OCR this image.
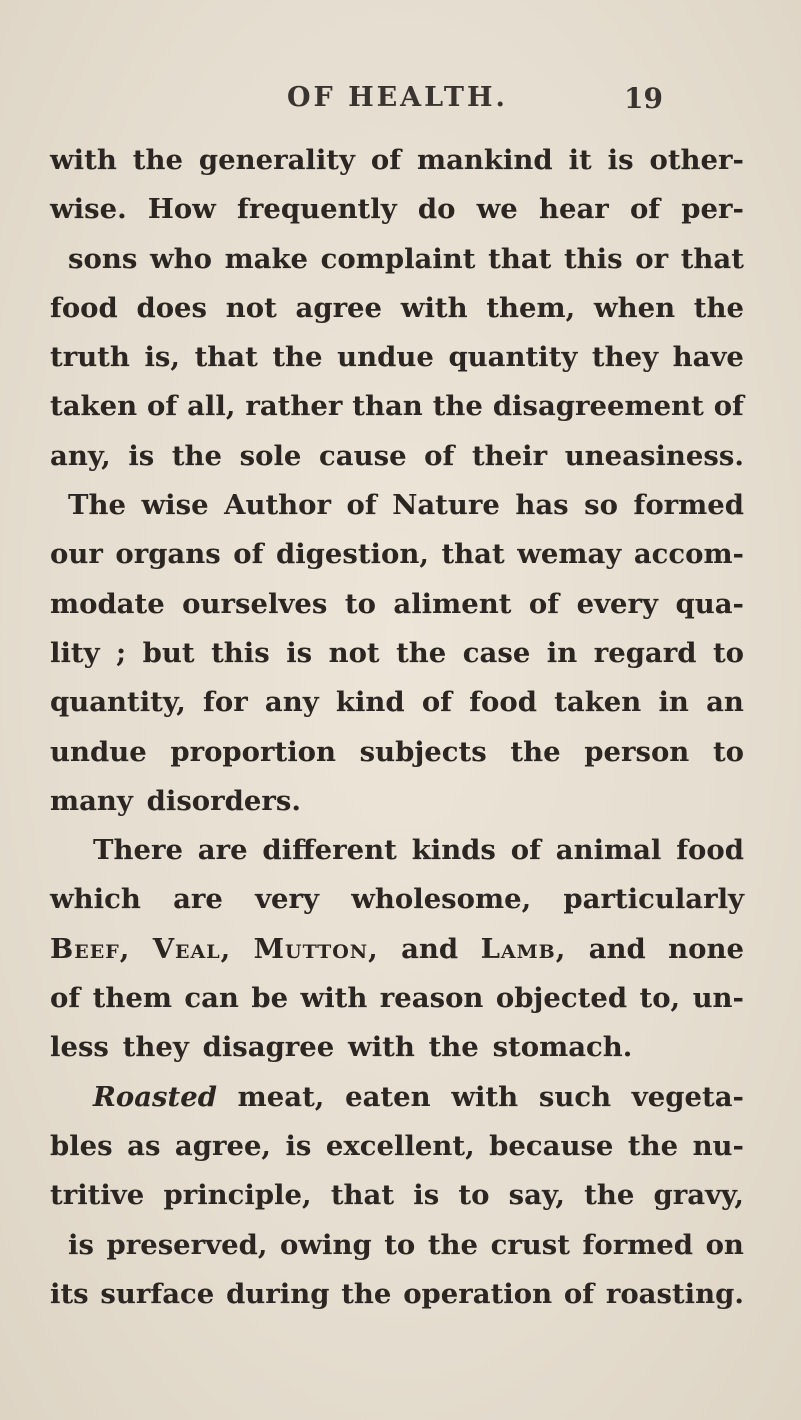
OF HEALTH.	19
with the generality of mankind it is other-
wise. How frequently do we hear of per-
sons who make complaint that this or that
food does not agree with them, when the
truth is, that the undue quantity they have
taken of all, rather than the disagreement of
any, is the sole cause of their uneasiness.
The wise Author of Nature has so formed
our organs of digestion, that wemay accom-
modate ourselves to aliment of every qua-
lity ; but this is not the case in regard to
quantity, for any kind of food taken in an
undue proportion subjects the person to
many disorders.
There are different kinds of animal food
which are very wholesome, particularly
Beef, Veal, Mutton, and Lamb, and none
of them can be with reason objected to, un-
less they disagree with the stomach.
Roasted meat, eaten with such vegeta-
bles as agree, is excellent, because the nu-
tritive principle, that is to say, the gravy,
is preserved, owing to the crust formed on
its surface during the operation of roasting.
